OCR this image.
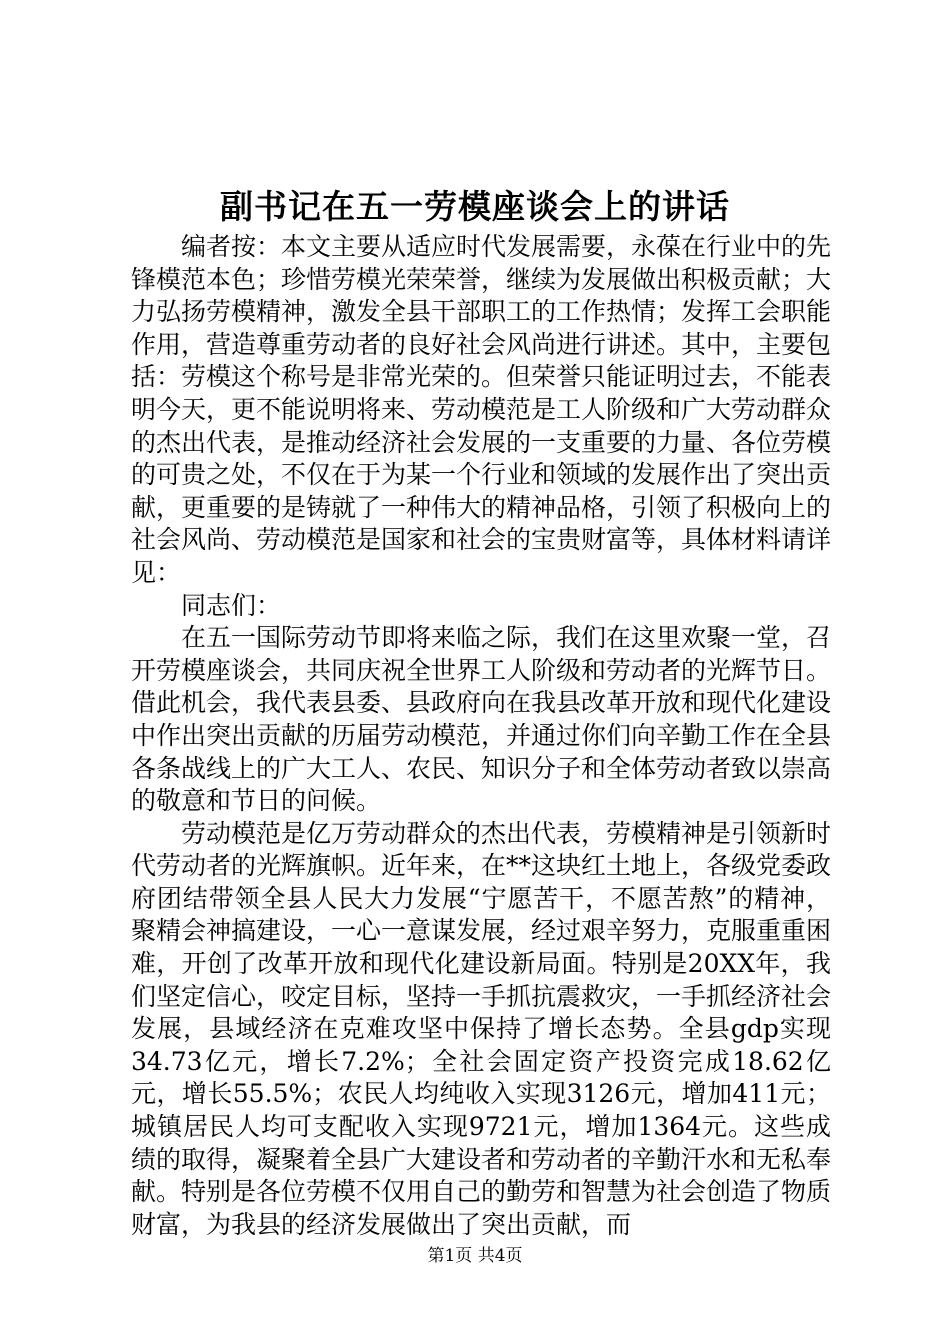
副书记在五一劳模座谈会上的讲话

编者按：本文主要从适应时代发展需要，永葆在行业中的先锋模范本色；珍惜劳模光荣荣誉，继续为发展做出积极贡献；大力弘扬劳模精神，激发全县干部职工的工作热情；发挥工会职能作用，营造尊重劳动者的良好社会风尚进行讲述。其中，主要包括：劳模这个称号是非常光荣的。但荣誉只能证明过去，不能表明今天，更不能说明将来、劳动模范是工人阶级和广大劳动群众的杰出代表，是推动经济社会发展的一支重要的力量、各位劳模的可贵之处，不仅在于为某一个行业和领域的发展作出了突出贡献，更重要的是铸就了一种伟大的精神品格，引领了积极向上的社会风尚、劳动模范是国家和社会的宝贵财富等，具体材料请详见：

同志们：

在五一国际劳动节即将来临之际，我们在这里欢聚一堂，召开劳模座谈会，共同庆祝全世界工人阶级和劳动者的光辉节日。借此机会，我代表县委、县政府向在我县改革开放和现代化建设中作出突出贡献的历届劳动模范，并通过你们向辛勤工作在全县各条战线上的广大工人、农民、知识分子和全体劳动者致以崇高的敬意和节日的问候。

劳动模范是亿万劳动群众的杰出代表，劳模精神是引领新时代劳动者的光辉旗帜。近年来，在**这块红土地上，各级党委政府团结带领全县人民大力发展“宁愿苦干，不愿苦熬”的精神，聚精会神搞建设，一心一意谋发展，经过艰辛努力，克服重重困难，开创了改革开放和现代化建设新局面。特别是20XX年，我们坚定信心，咬定目标，坚持一手抓抗震救灾，一手抓经济社会发展，县域经济在克难攻坚中保持了增长态势。全县gdp实现34.73亿元，增长7.2%；全社会固定资产投资完成18.62亿元，增长55.5%；农民人均纯收入实现3126元，增加411元；城镇居民人均可支配收入实现9721元，增加1364元。这些成绩的取得，凝聚着全县广大建设者和劳动者的辛勤汗水和无私奉献。特别是各位劳模不仅用自己的勤劳和智慧为社会创造了物质财富，为我县的经济发展做出了突出贡献，而

第1页 共4页
